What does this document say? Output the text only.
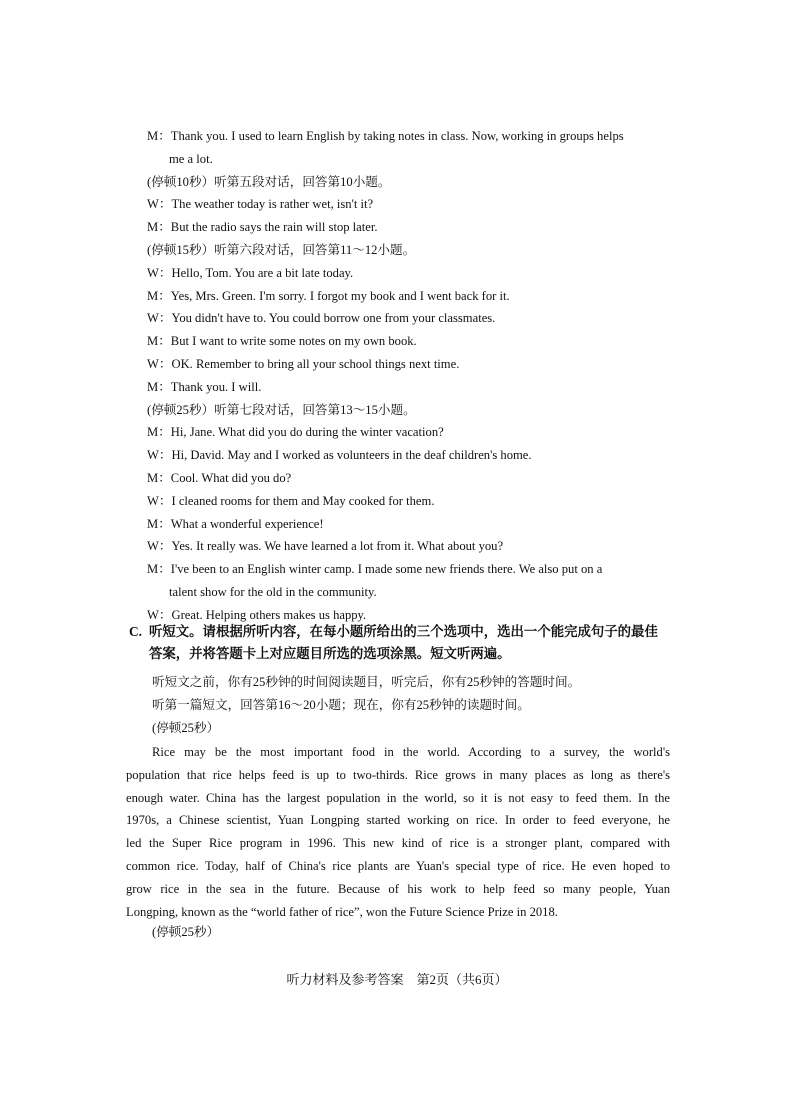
M：Thank you. I used to learn English by taking notes in class. Now, working in groups helps
me a lot.
(停顿10秒）听第五段对话，回答第10小题。
W：The weather today is rather wet, isn't it?
M：But the radio says the rain will stop later.
(停顿15秒）听第六段对话，回答第11～12小题。
W：Hello, Tom. You are a bit late today.
M：Yes, Mrs. Green. I'm sorry. I forgot my book and I went back for it.
W：You didn't have to. You could borrow one from your classmates.
M：But I want to write some notes on my own book.
W：OK. Remember to bring all your school things next time.
M：Thank you. I will.
(停顿25秒）听第七段对话，回答第13～15小题。
M：Hi, Jane. What did you do during the winter vacation?
W：Hi, David. May and I worked as volunteers in the deaf children's home.
M：Cool. What did you do?
W：I cleaned rooms for them and May cooked for them.
M：What a wonderful experience!
W：Yes. It really was. We have learned a lot from it. What about you?
M：I've been to an English winter camp. I made some new friends there. We also put on a
talent show for the old in the community.
W：Great. Helping others makes us happy.
C. 听短文。请根据所听内容，在每小题所给出的三个选项中，选出一个能完成句子的最佳
答案，并将答题卡上对应题目所选的选项涂黑。短文听两遍。
听短文之前，你有25秒钟的时间阅读题目，听完后，你有25秒钟的答题时间。
听第一篇短文，回答第16～20小题；现在，你有25秒钟的读题时间。
(停顿25秒）
Rice may be the most important food in the world. According to a survey, the world's
population that rice helps feed is up to two-thirds. Rice grows in many places as long as there's
enough water. China has the largest population in the world, so it is not easy to feed them. In the
1970s, a Chinese scientist, Yuan Longping started working on rice. In order to feed everyone, he
led the Super Rice program in 1996. This new kind of rice is a stronger plant, compared with
common rice. Today, half of China's rice plants are Yuan's special type of rice. He even hoped to
grow rice in the sea in the future. Because of his work to help feed so many people, Yuan
Longping, known as the “world father of rice”, won the Future Science Prize in 2018.
(停顿25秒）
听力材料及参考答案　第2页（共6页）
